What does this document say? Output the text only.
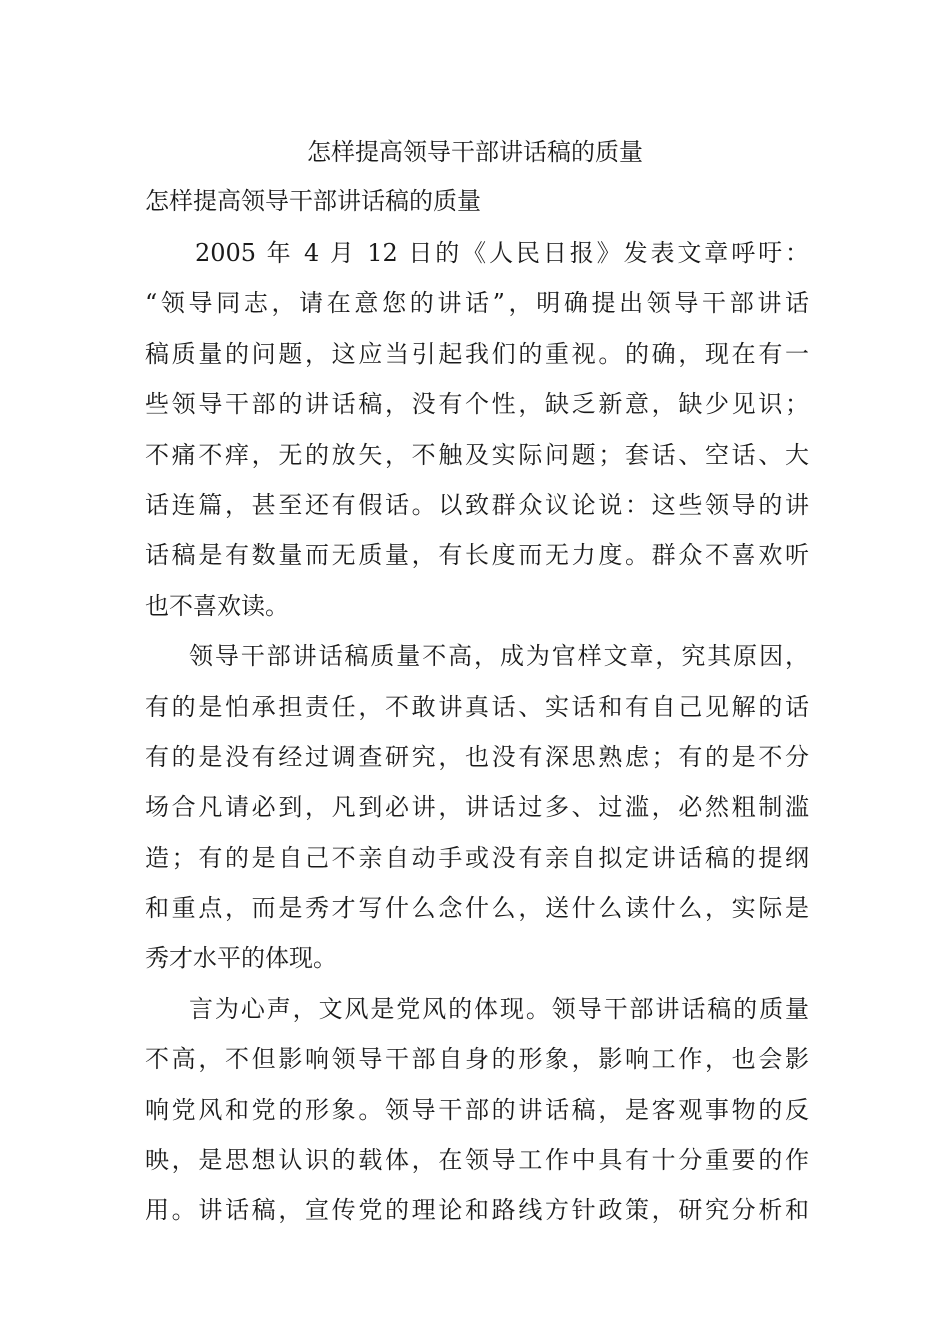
怎样提高领导干部讲话稿的质量
怎样提高领导干部讲话稿的质量
2005 年 4 月 12 日的《人民日报》发表文章呼吁：
“领导同志，请在意您的讲话”，明确提出领导干部讲话
稿质量的问题，这应当引起我们的重视。的确，现在有一
些领导干部的讲话稿，没有个性，缺乏新意，缺少见识；
不痛不痒，无的放矢，不触及实际问题；套话、空话、大
话连篇，甚至还有假话。以致群众议论说：这些领导的讲
话稿是有数量而无质量，有长度而无力度。群众不喜欢听
也不喜欢读。
领导干部讲话稿质量不高，成为官样文章，究其原因，
有的是怕承担责任，不敢讲真话、实话和有自己见解的话
有的是没有经过调查研究，也没有深思熟虑；有的是不分
场合凡请必到，凡到必讲，讲话过多、过滥，必然粗制滥
造；有的是自己不亲自动手或没有亲自拟定讲话稿的提纲
和重点，而是秀才写什么念什么，送什么读什么，实际是
秀才水平的体现。
言为心声，文风是党风的体现。领导干部讲话稿的质量
不高，不但影响领导干部自身的形象，影响工作，也会影
响党风和党的形象。领导干部的讲话稿，是客观事物的反
映，是思想认识的载体，在领导工作中具有十分重要的作
用。讲话稿，宣传党的理论和路线方针政策，研究分析和
